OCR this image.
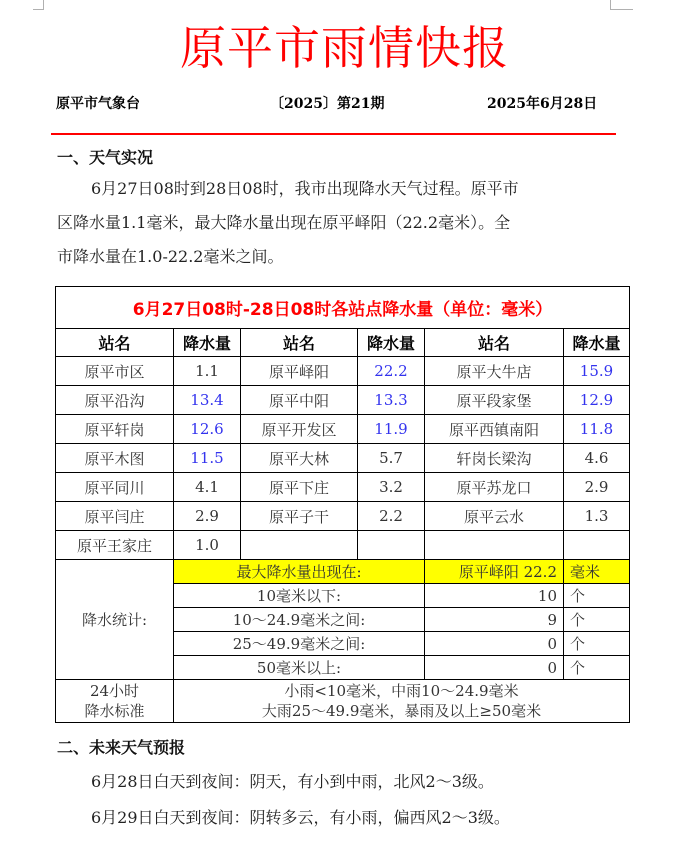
原平市雨情快报
原平市气象台	〔2025〕第21期	2025年6月28日
一、天气实况
6月27日08时到28日08时，我市出现降水天气过程。原平市
区降水量1.1毫米，最大降水量出现在原平峄阳（22.2毫米）。全
市降水量在1.0-22.2毫米之间。
6月27日08时-28日08时各站点降水量（单位：毫米）					
站名	降水量	站名	降水量	站名	降水量
原平市区	1.1	原平峄阳	22.2	原平大牛店	15.9
原平沿沟	13.4	原平中阳	13.3	原平段家堡	12.9
原平轩岗	12.6	原平开发区	11.9	原平西镇南阳	11.8
原平木图	11.5	原平大林	5.7	轩岗长梁沟	4.6
原平同川	4.1	原平下庄	3.2	原平苏龙口	2.9
原平闫庄	2.9	原平子干	2.2	原平云水	1.3
原平王家庄	1.0				
降水统计:	最大降水量出现在:			原平峄阳 22.2	毫米
	10毫米以下:			10	个
	10～24.9毫米之间:			9	个
	25～49.9毫米之间:			0	个
	50毫米以上:			0	个

24小时
降水标准

小雨<10毫米，中雨10～24.9毫米
大雨25～49.9毫米，暴雨及以上≥50毫米
二、未来天气预报
6月28日白天到夜间：阴天，有小到中雨，北风2～3级。
6月29日白天到夜间：阴转多云，有小雨，偏西风2～3级。
